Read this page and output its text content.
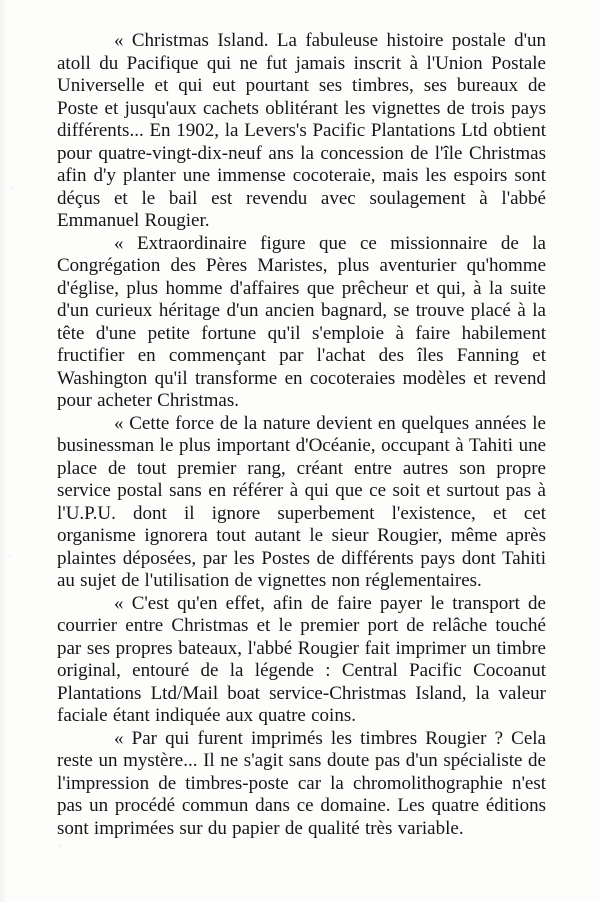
« Christmas Island. La fabuleuse histoire postale d'un atoll du Pacifique qui ne fut jamais inscrit à l'Union Postale Universelle et qui eut pourtant ses timbres, ses bureaux de Poste et jusqu'aux cachets oblitérant les vignettes de trois pays différents... En 1902, la Levers's Pacific Plantations Ltd obtient pour quatre-vingt-dix-neuf ans la concession de l'île Christmas afin d'y planter une immense cocoteraie, mais les espoirs sont déçus et le bail est revendu avec soulagement à l'abbé Emmanuel Rougier.

« Extraordinaire figure que ce missionnaire de la Congrégation des Pères Maristes, plus aventurier qu'homme d'église, plus homme d'affaires que prêcheur et qui, à la suite d'un curieux héritage d'un ancien bagnard, se trouve placé à la tête d'une petite fortune qu'il s'emploie à faire habilement fructifier en commençant par l'achat des îles Fanning et Washington qu'il transforme en cocoteraies modèles et revend pour acheter Christmas.

« Cette force de la nature devient en quelques années le businessman le plus important d'Océanie, occupant à Tahiti une place de tout premier rang, créant entre autres son propre service postal sans en référer à qui que ce soit et surtout pas à l'U.P.U. dont il ignore superbement l'existence, et cet organisme ignorera tout autant le sieur Rougier, même après plaintes déposées, par les Postes de différents pays dont Tahiti au sujet de l'utilisation de vignettes non réglementaires.

« C'est qu'en effet, afin de faire payer le transport de courrier entre Christmas et le premier port de relâche touché par ses propres bateaux, l'abbé Rougier fait imprimer un timbre original, entouré de la légende : Central Pacific Cocoanut Plantations Ltd/Mail boat service-Christmas Island, la valeur faciale étant indiquée aux quatre coins.

« Par qui furent imprimés les timbres Rougier ? Cela reste un mystère... Il ne s'agit sans doute pas d'un spécialiste de l'impression de timbres-poste car la chromolithographie n'est pas un procédé commun dans ce domaine. Les quatre éditions sont imprimées sur du papier de qualité très variable.
